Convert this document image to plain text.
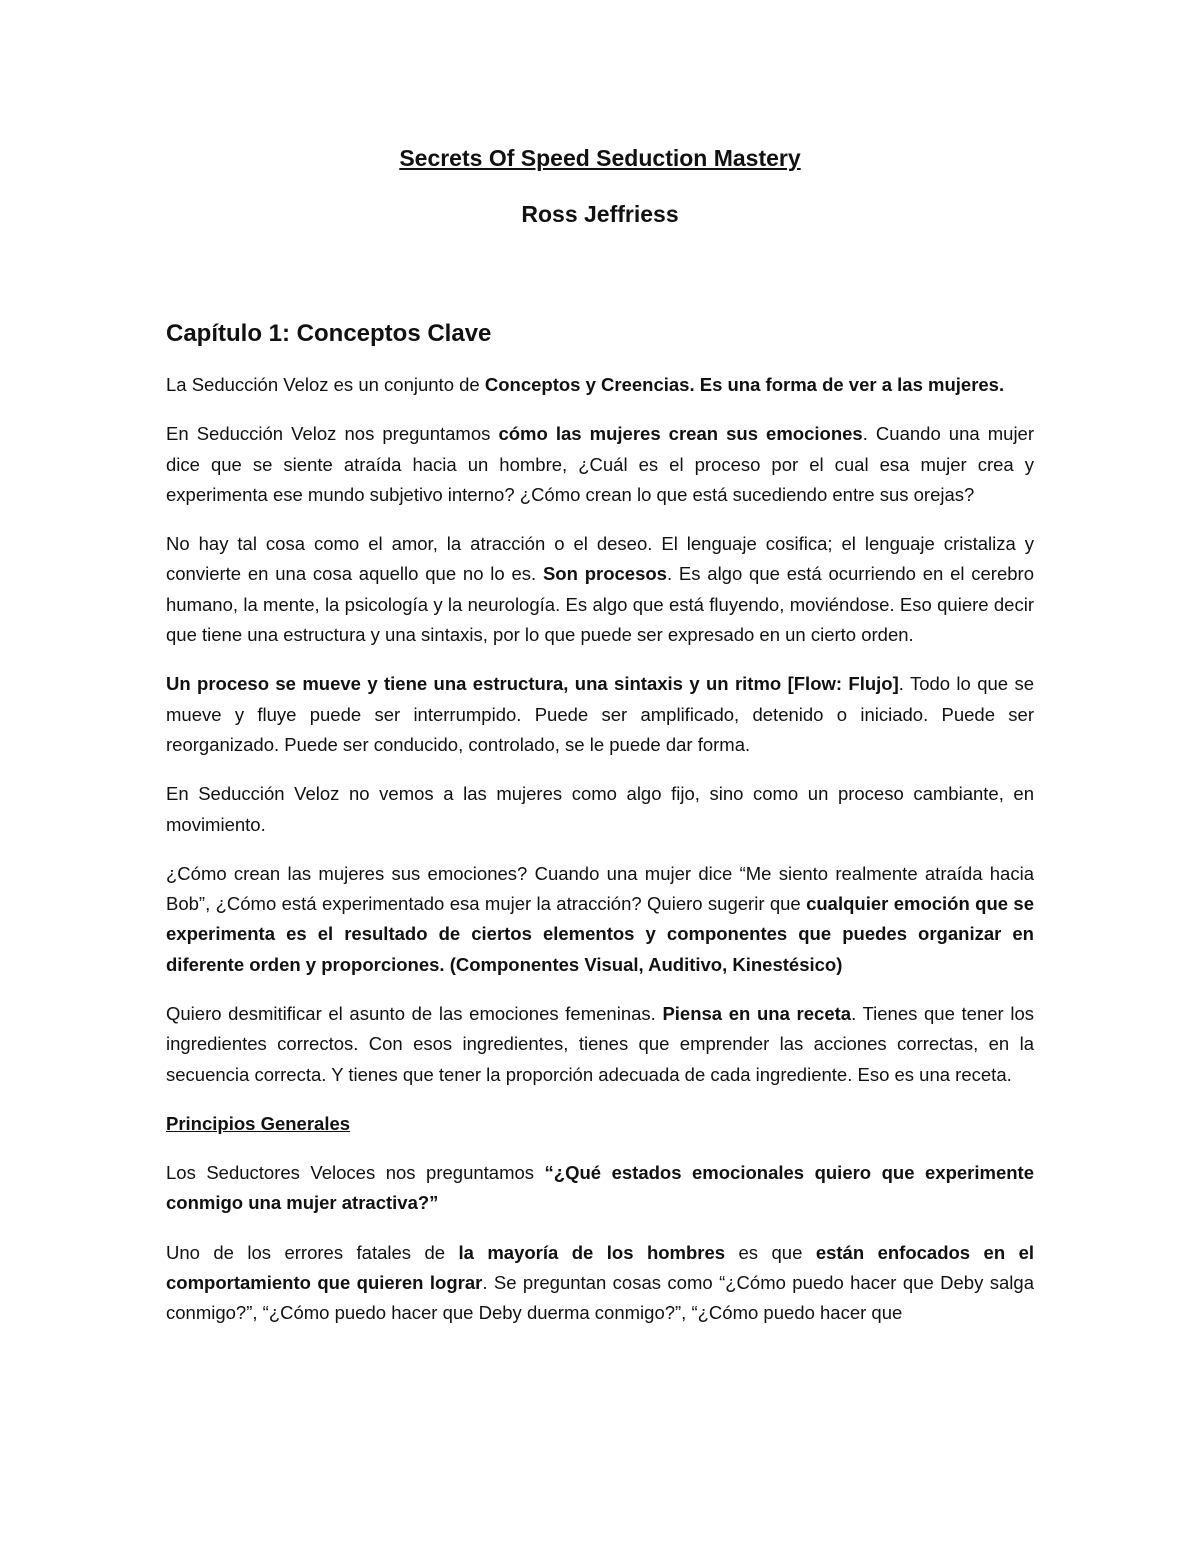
Secrets Of Speed Seduction Mastery
Ross Jeffriess
Capítulo 1: Conceptos Clave

La Seducción Veloz es un conjunto de Conceptos y Creencias. Es una forma de ver a las mujeres.

En Seducción Veloz nos preguntamos cómo las mujeres crean sus emociones. Cuando una mujer dice que se siente atraída hacia un hombre, ¿Cuál es el proceso por el cual esa mujer crea y experimenta ese mundo subjetivo interno? ¿Cómo crean lo que está sucediendo entre sus orejas?

No hay tal cosa como el amor, la atracción o el deseo. El lenguaje cosifica; el lenguaje cristaliza y convierte en una cosa aquello que no lo es. Son procesos. Es algo que está ocurriendo en el cerebro humano, la mente, la psicología y la neurología. Es algo que está fluyendo, moviéndose. Eso quiere decir que tiene una estructura y una sintaxis, por lo que puede ser expresado en un cierto orden.

Un proceso se mueve y tiene una estructura, una sintaxis y un ritmo [Flow: Flujo]. Todo lo que se mueve y fluye puede ser interrumpido. Puede ser amplificado, detenido o iniciado. Puede ser reorganizado. Puede ser conducido, controlado, se le puede dar forma.

En Seducción Veloz no vemos a las mujeres como algo fijo, sino como un proceso cambiante, en movimiento.

¿Cómo crean las mujeres sus emociones? Cuando una mujer dice “Me siento realmente atraída hacia Bob”, ¿Cómo está experimentado esa mujer la atracción? Quiero sugerir que cualquier emoción que se experimenta es el resultado de ciertos elementos y componentes que puedes organizar en diferente orden y proporciones. (Componentes Visual, Auditivo, Kinestésico)

Quiero desmitificar el asunto de las emociones femeninas. Piensa en una receta. Tienes que tener los ingredientes correctos. Con esos ingredientes, tienes que emprender las acciones correctas, en la secuencia correcta. Y tienes que tener la proporción adecuada de cada ingrediente. Eso es una receta.

Principios Generales

Los Seductores Veloces nos preguntamos “¿Qué estados emocionales quiero que experimente conmigo una mujer atractiva?”

Uno de los errores fatales de la mayoría de los hombres es que están enfocados en el comportamiento que quieren lograr. Se preguntan cosas como “¿Cómo puedo hacer que Deby salga conmigo?”, “¿Cómo puedo hacer que Deby duerma conmigo?”, “¿Cómo puedo hacer que
